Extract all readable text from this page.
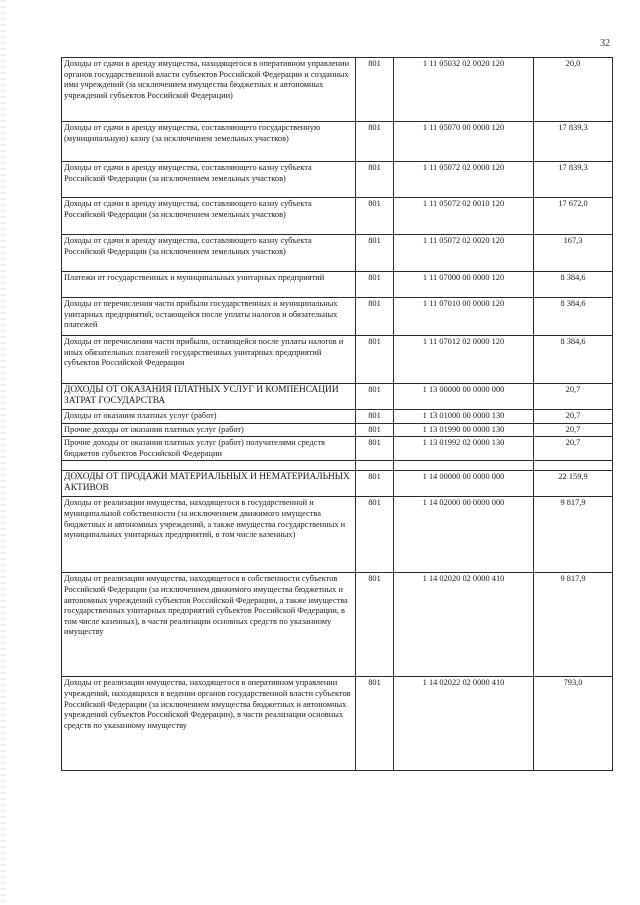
32
Доходы от сдачи в аренду имущества, находящегося в оперативном управлении органов государственной власти субъектов Российской Федерации и созданных ими учреждений (за исключением имущества бюджетных и автономных учреждений субъектов Российской Федерации)	801	1 11 05032 02 0020 120	20,0
Доходы от сдачи в аренду имущества, составляющего государственную (муниципальную) казну (за исключением земельных участков)	801	1 11 05070 00 0000 120	17 839,3
Доходы от сдачи в аренду имущества, составляющего казну субъекта Российской Федерации (за исключением земельных участков)	801	1 11 05072 02 0000 120	17 839,3
Доходы от сдачи в аренду имущества, составляющего казну субъекта Российской Федерации (за исключением земельных участков)	801	1 11 05072 02 0010 120	17 672,0
Доходы от сдачи в аренду имущества, составляющего казну субъекта Российской Федерации (за исключением земельных участков)	801	1 11 05072 02 0020 120	167,3
Платежи от государственных и муниципальных унитарных предприятий	801	1 11 07000 00 0000 120	8 384,6
Доходы от перечисления части прибыли государственных и муниципальных унитарных предприятий, остающейся после уплаты налогов и обязательных платежей	801	1 11 07010 00 0000 120	8 384,6
Доходы от перечисления части прибыли, остающейся после уплаты налогов и иных обязательных платежей государственных унитарных предприятий субъектов Российской Федерации	801	1 11 07012 02 0000 120	8 384,6
ДОХОДЫ ОТ ОКАЗАНИЯ ПЛАТНЫХ УСЛУГ И КОМПЕНСАЦИИ ЗАТРАТ ГОСУДАРСТВА	801	1 13 00000 00 0000 000	20,7
Доходы от оказания платных услуг (работ)	801	1 13 01000 00 0000 130	20,7
Прочие доходы от оказания платных услуг (работ)	801	1 13 01990 00 0000 130	20,7
Прочие доходы от оказания платных услуг (работ) получателями средств бюджетов субъектов Российской Федерации	801	1 13 01992 02 0000 130	20,7

ДОХОДЫ ОТ ПРОДАЖИ МАТЕРИАЛЬНЫХ И НЕМАТЕРИАЛЬНЫХ АКТИВОВ	801	1 14 00000 00 0000 000	22 159,9
Доходы от реализации имущества, находящегося в государственной и муниципальной собственности (за исключением движимого имущества бюджетных и автономных учреждений, а также имущества государственных и муниципальных унитарных предприятий, в том числе казенных)	801	1 14 02000 00 0000 000	9 817,9
Доходы от реализации имущества, находящегося в собственности субъектов Российской Федерации (за исключением движимого имущества бюджетных и автономных учреждений субъектов Российской Федерации, а также имущества государственных унитарных предприятий субъектов Российской Федерации, в том числе казенных), в части реализации основных средств по указанному имуществу	801	1 14 02020 02 0000 410	9 817,9
Доходы от реализации имущества, находящегося в оперативном управлении учреждений, находящихся в ведении органов государственной власти субъектов Российской Федерации (за исключением имущества бюджетных и автономных учреждений субъектов Российской Федерации), в части реализации основных средств по указанному имуществу	801	1 14 02022 02 0000 410	793,0
